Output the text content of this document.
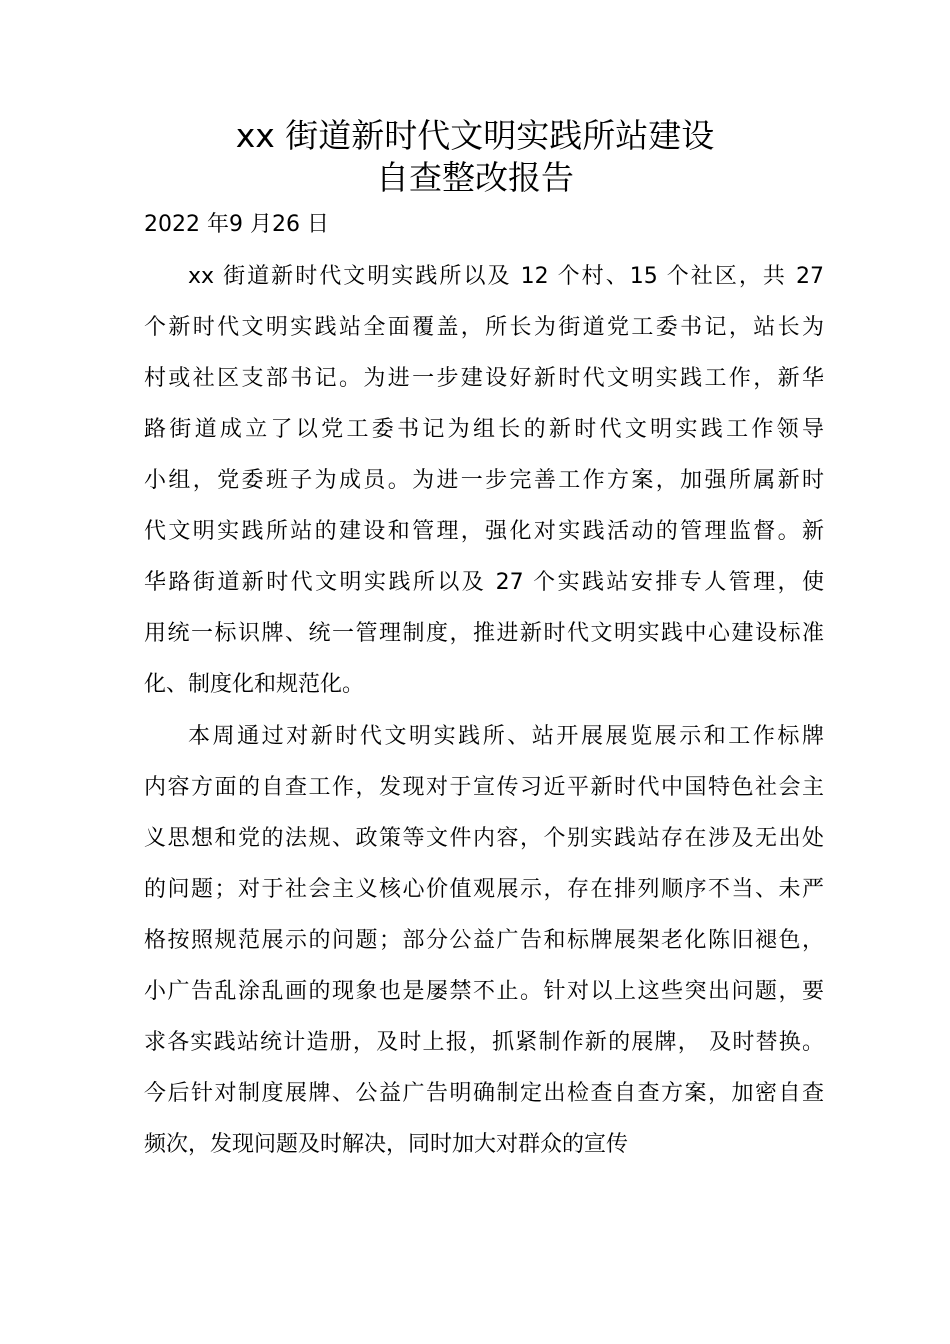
xx 街道新时代文明实践所站建设
自查整改报告
2022 年9 月26 日
xx 街道新时代文明实践所以及 12 个村、15 个社区，共 27
个新时代文明实践站全面覆盖，所长为街道党工委书记，站长为
村或社区支部书记。为进一步建设好新时代文明实践工作，新华
路街道成立了以党工委书记为组长的新时代文明实践工作领导
小组，党委班子为成员。为进一步完善工作方案，加强所属新时
代文明实践所站的建设和管理，强化对实践活动的管理监督。新
华路街道新时代文明实践所以及 27 个实践站安排专人管理，使
用统一标识牌、统一管理制度，推进新时代文明实践中心建设标准
化、制度化和规范化。
本周通过对新时代文明实践所、站开展展览展示和工作标牌
内容方面的自查工作，发现对于宣传习近平新时代中国特色社会主
义思想和党的法规、政策等文件内容，个别实践站存在涉及无出处
的问题；对于社会主义核心价值观展示，存在排列顺序不当、未严
格按照规范展示的问题；部分公益广告和标牌展架老化陈旧褪色，
小广告乱涂乱画的现象也是屡禁不止。针对以上这些突出问题，要
求各实践站统计造册，及时上报，抓紧制作新的展牌， 及时替换。
今后针对制度展牌、公益广告明确制定出检查自查方案，加密自查
频次，发现问题及时解决，同时加大对群众的宣传
